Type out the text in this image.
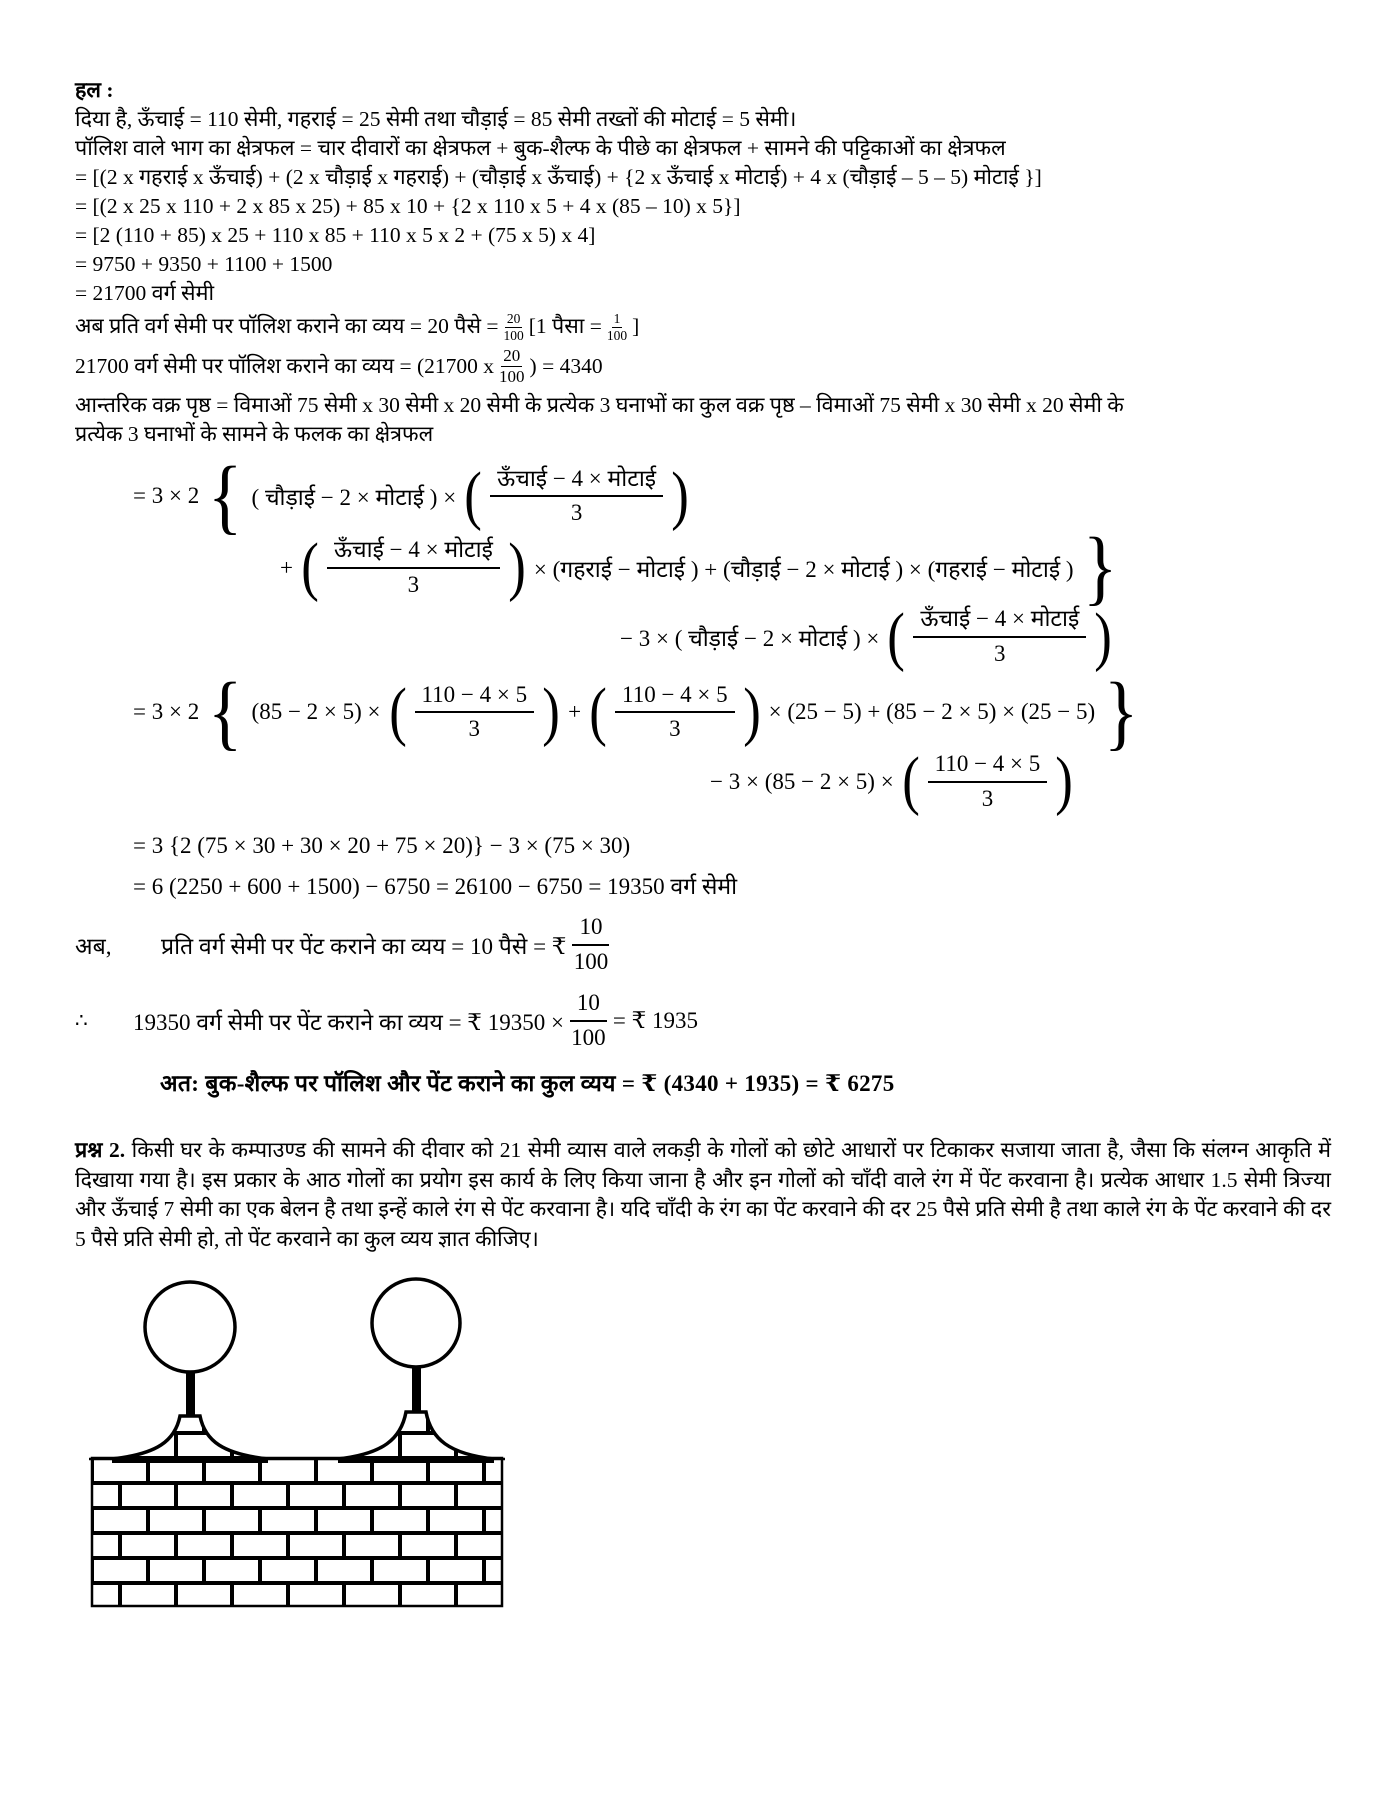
हल :
दिया है, ऊँचाई = 110 सेमी, गहराई = 25 सेमी तथा चौड़ाई = 85 सेमी तख्तों की मोटाई = 5 सेमी।
पॉलिश वाले भाग का क्षेत्रफल = चार दीवारों का क्षेत्रफल + बुक-शैल्फ के पीछे का क्षेत्रफल + सामने की पट्टिकाओं का क्षेत्रफल
= [(2 x गहराई x ऊँचाई) + (2 x चौड़ाई x गहराई) + (चौड़ाई x ऊँचाई) + {2 x ऊँचाई x मोटाई) + 4 x (चौड़ाई – 5 – 5) मोटाई }]
= [(2 x 25 x 110 + 2 x 85 x 25) + 85 x 10 + {2 x 110 x 5 + 4 x (85 – 10) x 5}]
= [2 (110 + 85) x 25 + 110 x 85 + 110 x 5 x 2 + (75 x 5) x 4]
= 9750 + 9350 + 1100 + 1500
= 21700 वर्ग सेमी
अब प्रति वर्ग सेमी पर पॉलिश कराने का व्यय = 20 पैसे = $\frac{20}{100} [1$ पैसा = $\frac{1}{100}$ ]
21700 वर्ग सेमी पर पॉलिश कराने का व्यय = (21700 x $\frac{20}{100}$ ) = 4340
आन्तरिक वक्र पृष्ठ = विमाओं 75 सेमी x 30 सेमी x 20 सेमी के प्रत्येक 3 घनाभों का कुल वक्र पृष्ठ – विमाओं 75 सेमी x 30 सेमी x 20 सेमी के
प्रत्येक 3 घनाभों के सामने के फलक का क्षेत्रफल
= 3 × 2 { ( चौड़ाई − 2 × मोटाई ) × ( $\frac{\text{ऊँचाई − 4 × मोटाई}}{3}$ )
+ ( $\frac{\text{ऊँचाई − 4 × मोटाई}}{3}$ ) × (गहराई − मोटाई ) + (चौड़ाई − 2 × मोटाई ) × (गहराई − मोटाई ) }
− 3 × ( चौड़ाई − 2 × मोटाई ) × ( $\frac{\text{ऊँचाई − 4 × मोटाई}}{3}$ )
= 3 × 2 { (85 − 2 × 5) × ( $\frac{110 - 4 \times 5}{3}$ ) + ( $\frac{110 - 4 \times 5}{3}$ ) × (25 − 5) + (85 − 2 × 5) × (25 − 5) }
− 3 × (85 − 2 × 5) × ( $\frac{110 - 4 \times 5}{3}$ )
= 3 {2 (75 × 30 + 30 × 20 + 75 × 20)} − 3 × (75 × 30)
= 6 (2250 + 600 + 1500) − 6750 = 26100 − 6750 = 19350 वर्ग सेमी
अब,	प्रति वर्ग सेमी पर पेंट कराने का व्यय = 10 पैसे = ₹ $\frac{10}{100}$
∴	19350 वर्ग सेमी पर पेंट कराने का व्यय = ₹ $19350 \times \frac{10}{100}$ = ₹ 1935
अत: बुक-शैल्फ पर पॉलिश और पेंट कराने का कुल व्यय = ₹ (4340 + 1935) = ₹ 6275

प्रश्न 2. किसी घर के कम्पाउण्ड की सामने की दीवार को 21 सेमी व्यास वाले लकड़ी के गोलों को छोटे आधारों पर टिकाकर सजाया जाता है, जैसा कि संलग्न आकृति में दिखाया गया है। इस प्रकार के आठ गोलों का प्रयोग इस कार्य के लिए किया जाना है और इन गोलों को चाँदी वाले रंग में पेंट करवाना है। प्रत्येक आधार 1.5 सेमी त्रिज्या और ऊँचाई 7 सेमी का एक बेलन है तथा इन्हें काले रंग से पेंट करवाना है। यदि चाँदी के रंग का पेंट करवाने की दर 25 पैसे प्रति सेमी है तथा काले रंग के पेंट करवाने की दर 5 पैसे प्रति सेमी हो, तो पेंट करवाने का कुल व्यय ज्ञात कीजिए।
